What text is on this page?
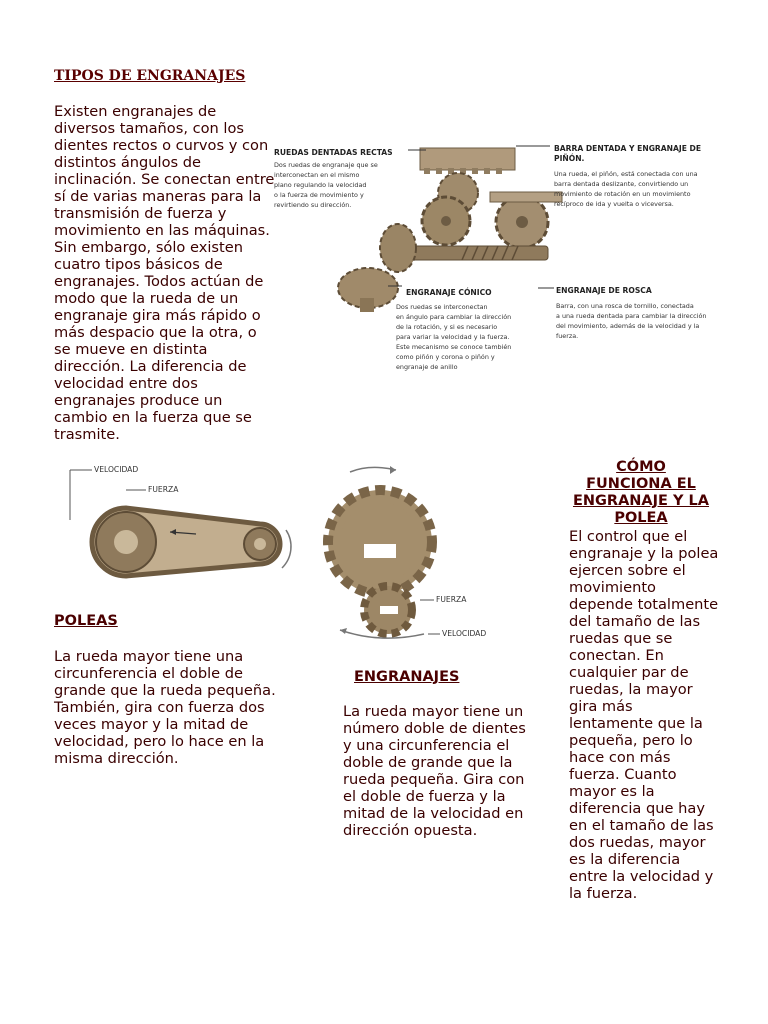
TIPOS DE ENGRANAJES
Existen engranajes de diversos tamaños, con los dientes rectos o curvos y con distintos ángulos de inclinación. Se conectan entre sí de varias maneras para la transmisión de fuerza y movimiento en las máquinas. Sin embargo, sólo existen cuatro tipos básicos de engranajes. Todos actúan de modo que la rueda de un engranaje gira más rápido o más despacio que la otra, o se mueve en distinta dirección. La diferencia de velocidad entre dos engranajes produce un cambio en la fuerza que se trasmite.
RUEDAS DENTADAS RECTAS
Dos ruedas de engranaje que se
interconectan en el mismo
plano regulando la velocidad
o la fuerza de movimiento y
revirtiendo su dirección.
BARRA DENTADA Y ENGRANAJE DE
PIÑÓN.
Una rueda, el piñón, está conectada con una
barra dentada deslizante, convirtiendo un
movimiento de rotación en un movimiento
recíproco de ida y vuelta o viceversa.
ENGRANAJE CÓNICO
Dos ruedas se interconectan
en ángulo para cambiar la dirección
de la rotación, y si es necesario
para variar la velocidad y la fuerza.
Este mecanismo se conoce también
como piñón y corona o piñón y
engranaje de anillo
ENGRANAJE DE ROSCA
Barra, con una rosca de tornillo, conectada
a una rueda dentada para cambiar la dirección
del movimiento, además de la velocidad y la
fuerza.
VELOCIDAD
FUERZA
FUERZA
VELOCIDAD
POLEAS
La rueda mayor tiene una circunferencia el doble de grande que la rueda pequeña. También, gira con fuerza dos veces mayor y la mitad de velocidad, pero lo hace en la misma dirección.
ENGRANAJES
La rueda mayor tiene un número doble de dientes y una circunferencia el doble de grande que la rueda pequeña. Gira con el doble de fuerza y la mitad de la velocidad en dirección opuesta.
CÓMO FUNCIONA EL ENGRANAJE Y LA POLEA
El control que el engranaje y la polea ejercen sobre el movimiento depende totalmente del tamaño de las ruedas que se conectan. En cualquier par de ruedas, la mayor gira más lentamente que la pequeña, pero lo hace con más fuerza. Cuanto mayor es la diferencia que hay en el tamaño de las dos ruedas, mayor es la diferencia entre la velocidad y la fuerza.
